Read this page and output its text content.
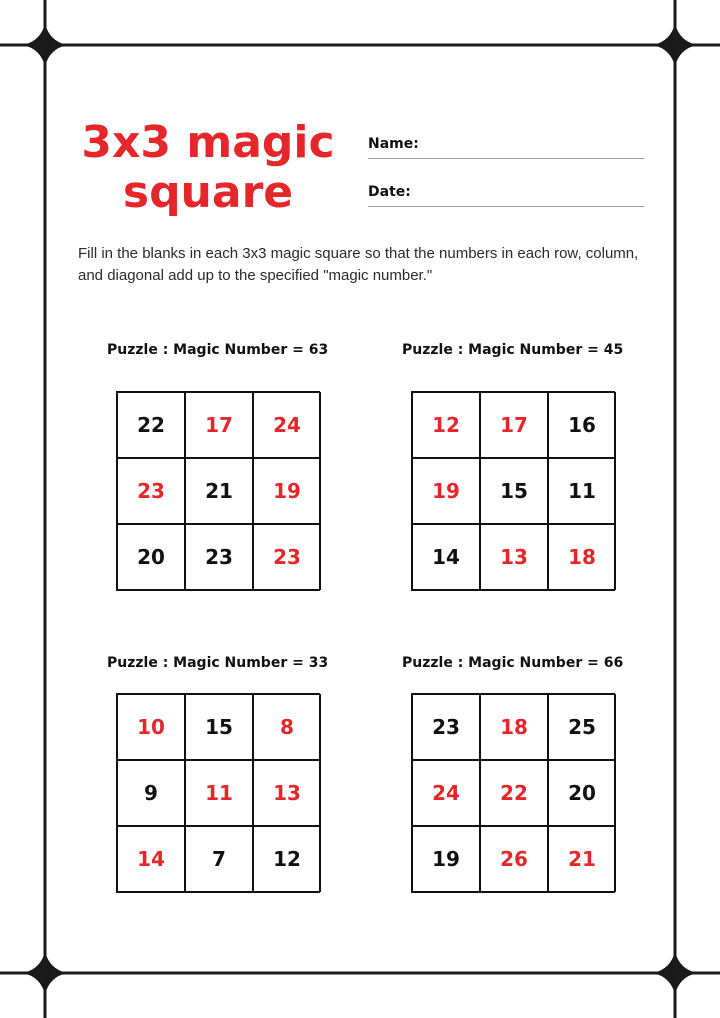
3x3 magic
square
Name:
Date:
Fill in the blanks in each 3x3 magic square so that the numbers in each row, column, and diagonal add up to the specified "magic number."
Puzzle : Magic Number = 63
22	17	24
23	21	19
20	23	23
Puzzle : Magic Number = 45
12	17	16
19	15	11
14	13	18
Puzzle : Magic Number = 33
10	15	8
9	11	13
14	7	12
Puzzle : Magic Number = 66
23	18	25
24	22	20
19	26	21
